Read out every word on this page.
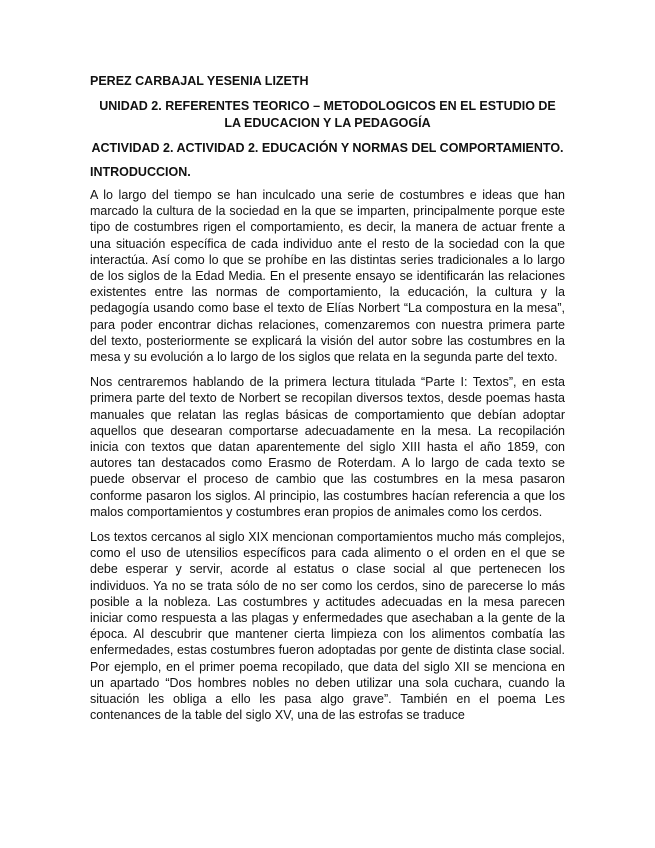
PEREZ CARBAJAL YESENIA LIZETH

UNIDAD 2. REFERENTES TEORICO – METODOLOGICOS EN EL ESTUDIO DE LA EDUCACION Y LA PEDAGOGÍA

ACTIVIDAD 2. ACTIVIDAD 2. EDUCACIÓN Y NORMAS DEL COMPORTAMIENTO.

INTRODUCCION.

A lo largo del tiempo se han inculcado una serie de costumbres e ideas que han marcado la cultura de la sociedad en la que se imparten, principalmente porque este tipo de costumbres rigen el comportamiento, es decir, la manera de actuar frente a una situación específica de cada individuo ante el resto de la sociedad con la que interactúa. Así como lo que se prohíbe en las distintas series tradicionales a lo largo de los siglos de la Edad Media. En el presente ensayo se identificarán las relaciones existentes entre las normas de comportamiento, la educación, la cultura y la pedagogía usando como base el texto de Elías Norbert “La compostura en la mesa”, para poder encontrar dichas relaciones, comenzaremos con nuestra primera parte del texto, posteriormente se explicará la visión del autor sobre las costumbres en la mesa y su evolución a lo largo de los siglos que relata en la segunda parte del texto.

Nos centraremos hablando de la primera lectura titulada “Parte I: Textos”, en esta primera parte del texto de Norbert se recopilan diversos textos, desde poemas hasta manuales que relatan las reglas básicas de comportamiento que debían adoptar aquellos que desearan comportarse adecuadamente en la mesa. La recopilación inicia con textos que datan aparentemente del siglo XIII hasta el año 1859, con autores tan destacados como Erasmo de Roterdam. A lo largo de cada texto se puede observar el proceso de cambio que las costumbres en la mesa pasaron conforme pasaron los siglos. Al principio, las costumbres hacían referencia a que los malos comportamientos y costumbres eran propios de animales como los cerdos.

Los textos cercanos al siglo XIX mencionan comportamientos mucho más complejos, como el uso de utensilios específicos para cada alimento o el orden en el que se debe esperar y servir, acorde al estatus o clase social al que pertenecen los individuos. Ya no se trata sólo de no ser como los cerdos, sino de parecerse lo más posible a la nobleza. Las costumbres y actitudes adecuadas en la mesa parecen iniciar como respuesta a las plagas y enfermedades que asechaban a la gente de la época. Al descubrir que mantener cierta limpieza con los alimentos combatía las enfermedades, estas costumbres fueron adoptadas por gente de distinta clase social. Por ejemplo, en el primer poema recopilado, que data del siglo XII se menciona en un apartado “Dos hombres nobles no deben utilizar una sola cuchara, cuando la situación les obliga a ello les pasa algo grave”. También en el poema Les contenances de la table del siglo XV, una de las estrofas se traduce
